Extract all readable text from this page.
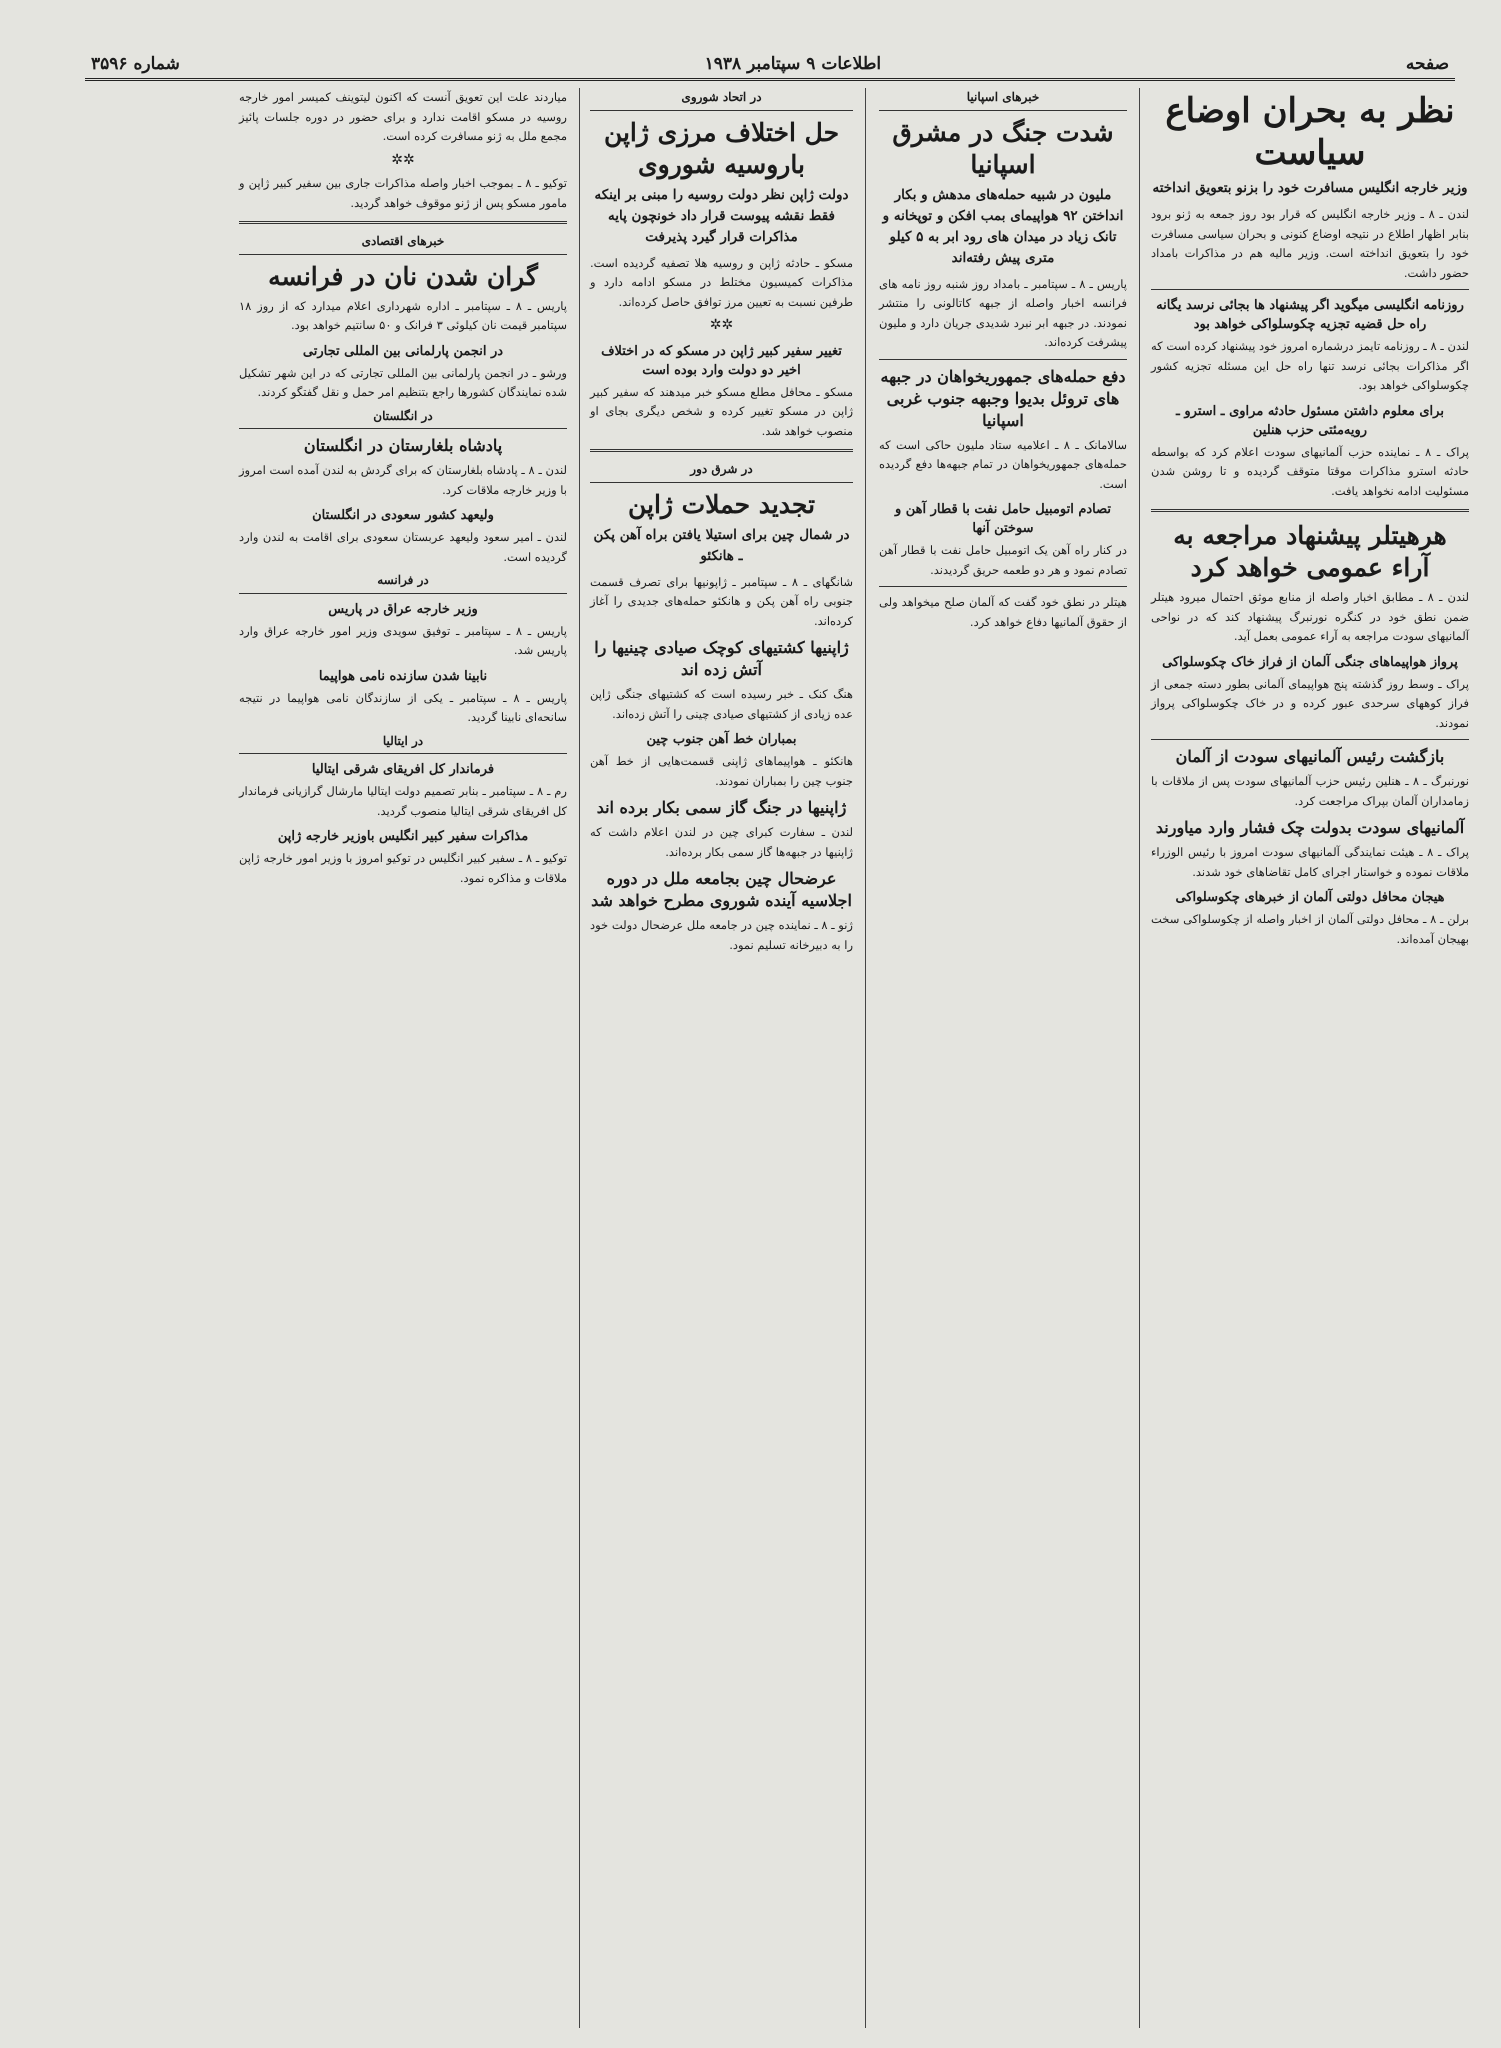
صفحه
اطلاعات ۹ سپتامبر ۱۹۳۸
شماره ۳۵۹۶
نظر به بحران اوضاع سیاست
وزیر خارجه انگلیس مسافرت خود را بزنو بتعویق انداخته

لندن ـ ۸ ـ وزیر خارجه انگلیس که قرار بود روز جمعه به ژنو برود بنابر اظهار اطلاع در نتیجه اوضاع کنونی و بحران سیاسی مسافرت خود را بتعویق انداخته است. وزیر مالیه هم در مذاکرات بامداد حضور داشت.

روزنامه انگلیسی میگوید اگر پیشنهاد ها بجائی نرسد یگانه راه حل قضیه تجزیه چکوسلواکی خواهد بود

لندن ـ ۸ ـ روزنامه تایمز درشماره امروز خود پیشنهاد کرده است که اگر مذاکرات بجائی نرسد تنها راه حل این مسئله تجزیه کشور چکوسلواکی خواهد بود.

برای معلوم داشتن مسئول حادثه مراوی ـ استرو ـ رویه‌مئتی حزب هنلین

پراک ـ ۸ ـ نماینده حزب آلمانیهای سودت اعلام کرد که بواسطه حادثه استرو مذاکرات موقتا متوقف گردیده و تا روشن شدن مسئولیت ادامه نخواهد یافت.

هرهیتلر پیشنهاد مراجعه به آراء عمومی خواهد کرد

لندن ـ ۸ ـ مطابق اخبار واصله از منابع موثق احتمال میرود هیتلر ضمن نطق خود در کنگره نورنبرگ پیشنهاد کند که در نواحی آلمانیهای سودت مراجعه به آراء عمومی بعمل آید.

پرواز هواپیماهای جنگی آلمان از فراز خاک چکوسلواکی

پراک ـ وسط روز گذشته پنج هواپیمای آلمانی بطور دسته جمعی از فراز کوههای سرحدی عبور کرده و در خاک چکوسلواکی پرواز نمودند.

بازگشت رئیس آلمانیهای سودت از آلمان

نورنبرگ ـ ۸ ـ هنلین رئیس حزب آلمانیهای سودت پس از ملاقات با زمامداران آلمان بپراک مراجعت کرد.

آلمانیهای سودت بدولت چک فشار وارد میاورند

پراک ـ ۸ ـ هیئت نمایندگی آلمانیهای سودت امروز با رئیس الوزراء ملاقات نموده و خواستار اجرای کامل تقاضاهای خود شدند.

هیجان محافل دولتی آلمان از خبرهای چکوسلواکی

برلن ـ ۸ ـ محافل دولتی آلمان از اخبار واصله از چکوسلواکی سخت بهیجان آمده‌اند.

خبرهای اسپانیا
شدت جنگ در مشرق اسپانیا
ملیون در شبیه حمله‌های مدهش و بکار انداختن ۹۲ هواپیمای بمب افکن و توپخانه و تانک زیاد در میدان های رود ابر به ۵ کیلو متری پیش رفته‌اند

پاریس ـ ۸ ـ سپتامبر ـ بامداد روز شنبه روز نامه های فرانسه اخبار واصله از جبهه کاتالونی را منتشر نمودند. در جبهه ابر نبرد شدیدی جریان دارد و ملیون پیشرفت کرده‌اند.

دفع حمله‌های جمهوریخواهان در جبهه های تروئل بدیوا وجبهه جنوب غربی اسپانیا

سالامانک ـ ۸ ـ اعلامیه ستاد ملیون حاکی است که حمله‌های جمهوریخواهان در تمام جبهه‌ها دفع گردیده است.

تصادم اتومبیل حامل نفت با قطار آهن و سوختن آنها

در کنار راه آهن یک اتومبیل حامل نفت با قطار آهن تصادم نمود و هر دو طعمه حریق گردیدند.

هیتلر در نطق خود گفت که آلمان صلح میخواهد ولی از حقوق آلمانیها دفاع خواهد کرد.

در اتحاد شوروی
حل اختلاف مرزی ژاپن باروسیه شوروی
دولت ژاپن نظر دولت روسیه را مبنی بر اینکه فقط نقشه پیوست قرار داد خونچون پایه مذاکرات قرار گیرد پذیرفت

مسکو ـ حادثه ژاپن و روسیه هلا تصفیه گردیده است. مذاکرات کمیسیون مختلط در مسکو ادامه دارد و طرفین نسبت به تعیین مرز توافق حاصل کرده‌اند.

✲✲
تغییر سفیر کبیر ژاپن در مسکو که در اختلاف اخیر دو دولت وارد بوده است

مسکو ـ محافل مطلع مسکو خبر میدهند که سفیر کبیر ژاپن در مسکو تغییر کرده و شخص دیگری بجای او منصوب خواهد شد.

در شرق دور
تجدید حملات ژاپن
در شمال چین برای استیلا یافتن براه آهن پکن ـ هانکئو

شانگهای ـ ۸ ـ سپتامبر ـ ژاپونیها برای تصرف قسمت جنوبی راه آهن پکن و هانکئو حمله‌های جدیدی را آغاز کرده‌اند.

ژاپنیها کشتیهای کوچک صیادی چینیها را آتش زده اند

هنگ کنک ـ خبر رسیده است که کشتیهای جنگی ژاپن عده زیادی از کشتیهای صیادی چینی را آتش زده‌اند.

بمباران خط آهن جنوب چین

هانکئو ـ هواپیماهای ژاپنی قسمت‌هایی از خط آهن جنوب چین را بمباران نمودند.

ژاپنیها در جنگ گاز سمی بکار برده اند

لندن ـ سفارت کبرای چین در لندن اعلام داشت که ژاپنیها در جبهه‌ها گاز سمی بکار برده‌اند.

عرضحال چین بجامعه ملل در دوره اجلاسیه آینده شوروی مطرح خواهد شد

ژنو ـ ۸ ـ نماینده چین در جامعه ملل عرضحال دولت خود را به دبیرخانه تسلیم نمود.

میاردند علت این تعویق آنست که اکنون لیتوینف کمیسر امور خارجه روسیه در مسکو اقامت ندارد و برای حضور در دوره جلسات پائیز مجمع ملل به ژنو مسافرت کرده است.

✲✲

توکیو ـ ۸ ـ بموجب اخبار واصله مذاکرات جاری بین سفیر کبیر ژاپن و مامور مسکو پس از ژنو موقوف خواهد گردید.

خبرهای اقتصادی
گران شدن نان در فرانسه

پاریس ـ ۸ ـ سپتامبر ـ اداره شهرداری اعلام میدارد که از روز ۱۸ سپتامبر قیمت نان کیلوئی ۳ فرانک و ۵۰ سانتیم خواهد بود.

در انجمن پارلمانی بین المللی تجارتی

ورشو ـ در انجمن پارلمانی بین المللی تجارتی که در این شهر تشکیل شده نمایندگان کشورها راجع بتنظیم امر حمل و نقل گفتگو کردند.

در انگلستان
پادشاه بلغارستان در انگلستان

لندن ـ ۸ ـ پادشاه بلغارستان که برای گردش به لندن آمده است امروز با وزیر خارجه ملاقات کرد.

ولیعهد کشور سعودی در انگلستان

لندن ـ امیر سعود ولیعهد عربستان سعودی برای اقامت به لندن وارد گردیده است.

در فرانسه
وزیر خارجه عراق در پاریس

پاریس ـ ۸ ـ سپتامبر ـ توفیق سویدی وزیر امور خارجه عراق وارد پاریس شد.

نابینا شدن سازنده نامی هواپیما

پاریس ـ ۸ ـ سپتامبر ـ یکی از سازندگان نامی هواپیما در نتیجه سانحه‌ای نابینا گردید.

در ایتالیا
فرماندار کل افریقای شرقی ایتالیا

رم ـ ۸ ـ سپتامبر ـ بنابر تصمیم دولت ایتالیا مارشال گرازیانی فرماندار کل افریقای شرقی ایتالیا منصوب گردید.

مذاکرات سفیر کبیر انگلیس باوزیر خارجه ژاپن

توکیو ـ ۸ ـ سفیر کبیر انگلیس در توکیو امروز با وزیر امور خارجه ژاپن ملاقات و مذاکره نمود.
